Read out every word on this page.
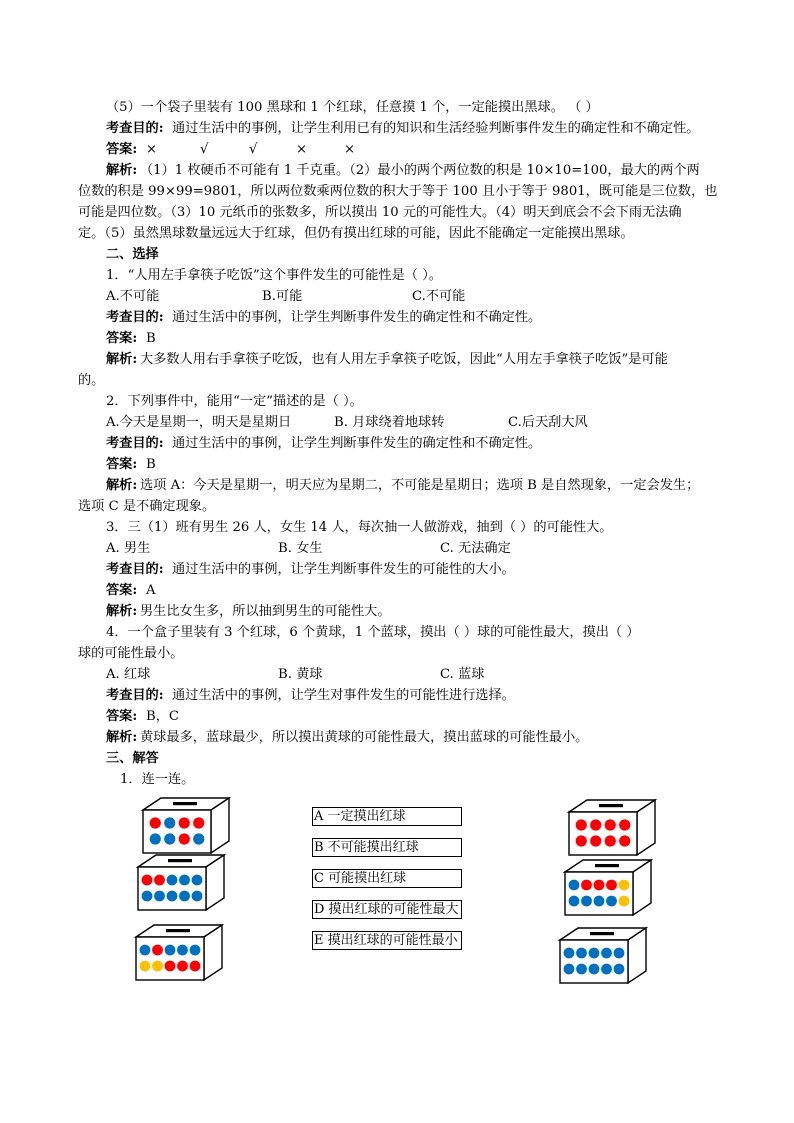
（5）一个袋子里装有 100 黑球和 1 个红球，任意摸 1 个，一定能摸出黑球。 （ ）
考查目的: 通过生活中的事例，让学生利用已有的知识和生活经验判断事件发生的确定性和不确定性。
答案: ×	√	√	×	×
解析: （1）1 枚硬币不可能有 1 千克重。（2）最小的两个两位数的积是 10×10=100，最大的两个两
位数的积是 99×99=9801，所以两位数乘两位数的积大于等于 100 且小于等于 9801，既可能是三位数，也
可能是四位数。（3）10 元纸币的张数多，所以摸出 10 元的可能性大。（4）明天到底会不会下雨无法确
定。（5）虽然黑球数量远远大于红球，但仍有摸出红球的可能，因此不能确定一定能摸出黑球。
二、选择
1．“人用左手拿筷子吃饭”这个事件发生的可能性是（ ）。
A.不可能	B.可能	C.不可能
考查目的: 通过生活中的事例，让学生判断事件发生的确定性和不确定性。
答案: B
解析: 大多数人用右手拿筷子吃饭，也有人用左手拿筷子吃饭，因此“人用左手拿筷子吃饭”是可能
的。
2．下列事件中，能用“一定”描述的是（ ）。
A.今天是星期一，明天是星期日	B. 月球绕着地球转	C.后天刮大风
考查目的: 通过生活中的事例，让学生判断事件发生的确定性和不确定性。
答案: B
解析: 选项 A：今天是星期一，明天应为星期二，不可能是星期日；选项 B 是自然现象，一定会发生；
选项 C 是不确定现象。
3．三（1）班有男生 26 人，女生 14 人，每次抽一人做游戏，抽到（ ）的可能性大。
A. 男生	B. 女生	C. 无法确定
考查目的: 通过生活中的事例，让学生判断事件发生的可能性的大小。
答案: A
解析: 男生比女生多，所以抽到男生的可能性大。
4．一个盒子里装有 3 个红球，6 个黄球，1 个蓝球，摸出（ ）球的可能性最大，摸出（ ）
球的可能性最小。
A. 红球	B. 黄球	C. 蓝球
考查目的: 通过生活中的事例，让学生对事件发生的可能性进行选择。
答案: B，C
解析: 黄球最多，蓝球最少，所以摸出黄球的可能性最大，摸出蓝球的可能性最小。
三、解答
1．连一连。
A 一定摸出红球
B 不可能摸出红球
C 可能摸出红球
D 摸出红球的可能性最大
E 摸出红球的可能性最小
